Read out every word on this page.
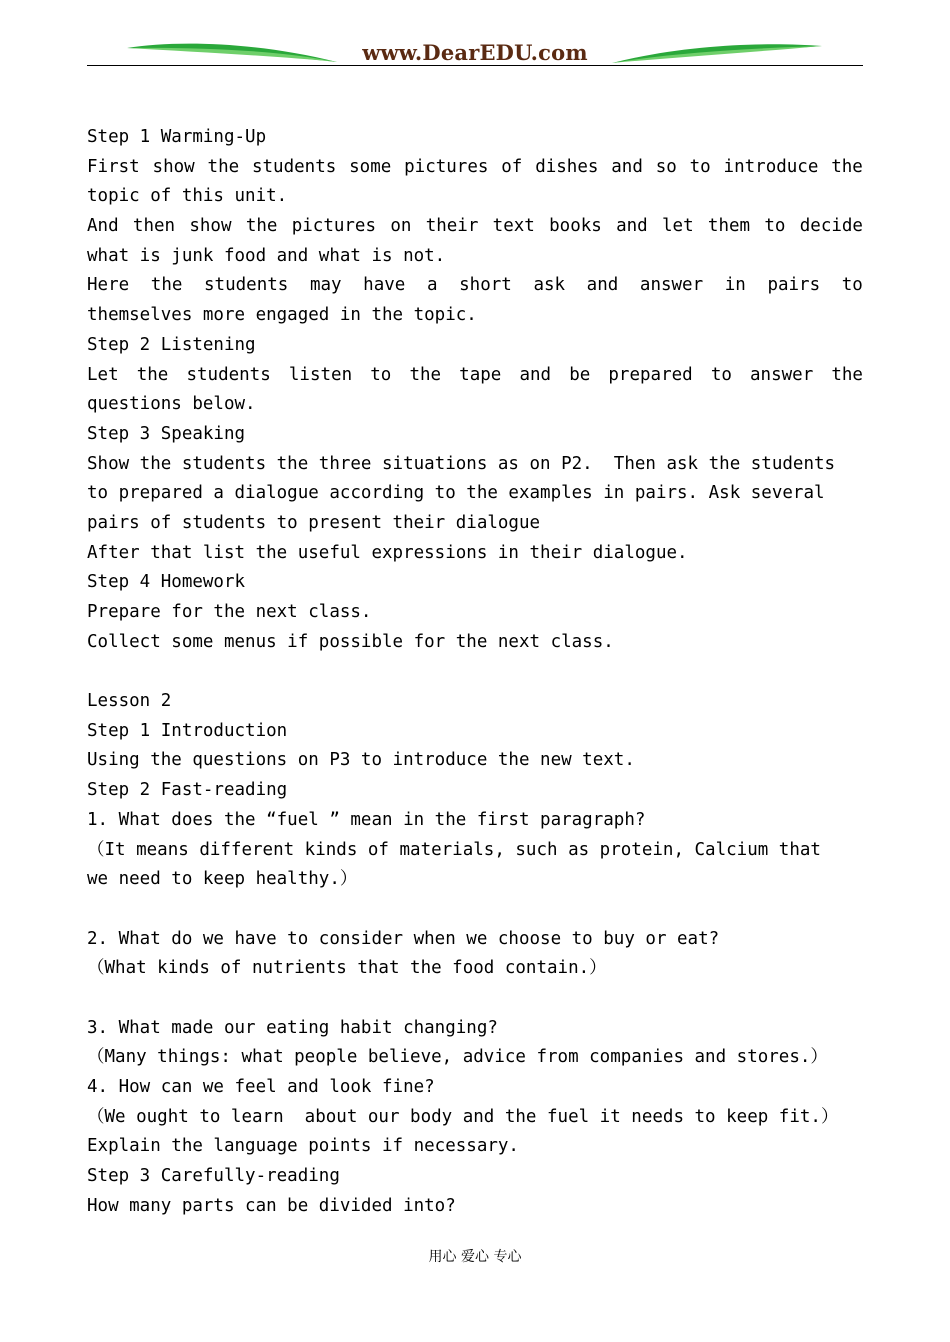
www.DearEDU.com
Step 1 Warming-Up
First show the students some pictures of dishes and so to introduce the
topic of this unit.
And then show the pictures on their text books and let them to decide
what is junk food and what is not.
Here the students may have a short ask and answer in pairs to
themselves more engaged in the topic.
Step 2 Listening
Let the students listen to the tape and be prepared to answer the
questions below.
Step 3 Speaking
Show the students the three situations as on P2.  Then ask the students
to prepared a dialogue according to the examples in pairs. Ask several
pairs of students to present their dialogue
After that list the useful expressions in their dialogue.
Step 4 Homework
Prepare for the next class.
Collect some menus if possible for the next class.
Lesson 2
Step 1 Introduction
Using the questions on P3 to introduce the new text.
Step 2 Fast-reading
1. What does the “fuel ” mean in the first paragraph?
（It means different kinds of materials, such as protein, Calcium that
we need to keep healthy.）
2. What do we have to consider when we choose to buy or eat?
（What kinds of nutrients that the food contain.）
3. What made our eating habit changing?
（Many things: what people believe, advice from companies and stores.）
4. How can we feel and look fine?
（We ought to learn  about our body and the fuel it needs to keep fit.）
Explain the language points if necessary.
Step 3 Carefully-reading
How many parts can be divided into?
用心 爱心 专心
